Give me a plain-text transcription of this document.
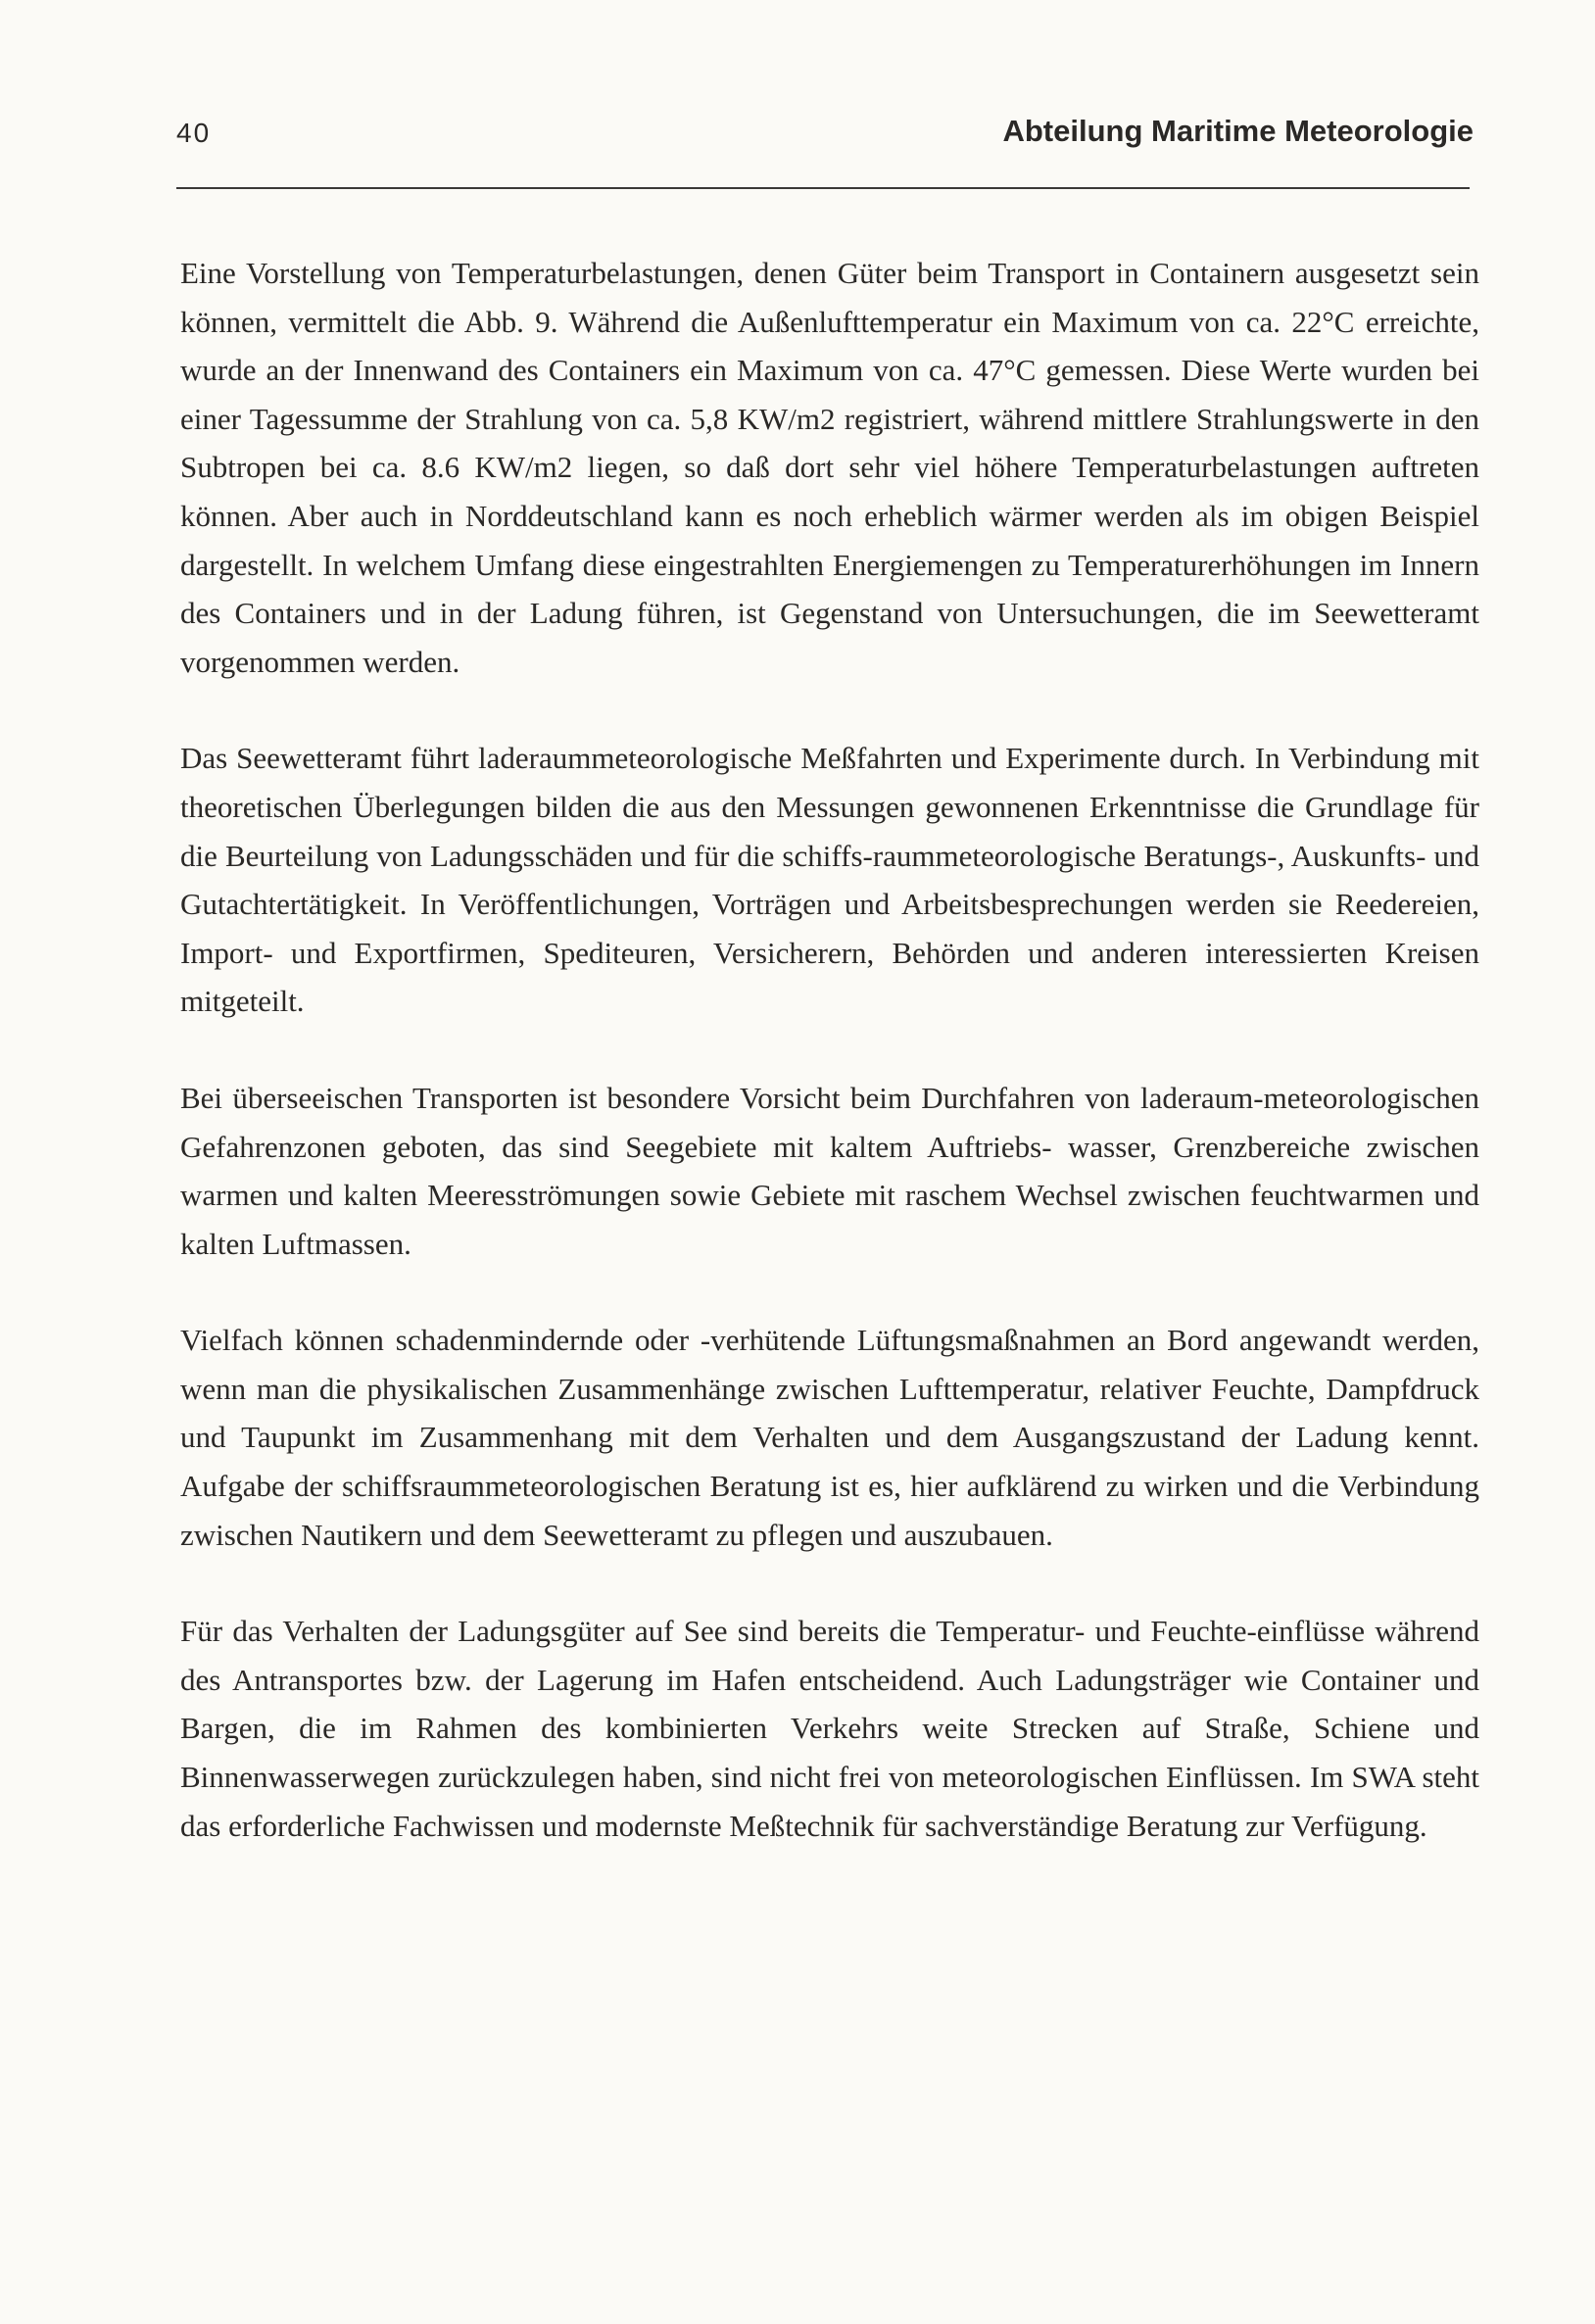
40	Abteilung Maritime Meteorologie

Eine Vorstellung von Temperaturbelastungen, denen Güter beim Transport in Containern ausgesetzt sein können, vermittelt die Abb. 9. Während die Außenlufttemperatur ein Maximum von ca. 22°C erreichte, wurde an der Innenwand des Containers ein Maximum von ca. 47°C gemessen. Diese Werte wurden bei einer Tagessumme der Strahlung von ca. 5,8 KW/m2 registriert, während mittlere Strahlungswerte in den Subtropen bei ca. 8.6 KW/m2 liegen, so daß dort sehr viel höhere Temperaturbelastungen auftreten können. Aber auch in Norddeutschland kann es noch erheblich wärmer werden als im obigen Beispiel dargestellt. In welchem Umfang diese eingestrahlten Energiemengen zu Temperaturerhöhungen im Innern des Containers und in der Ladung führen, ist Gegenstand von Untersuchungen, die im Seewetteramt vorgenommen werden.

Das Seewetteramt führt laderaummeteorologische Meßfahrten und Experimente durch. In Verbindung mit theoretischen Überlegungen bilden die aus den Messungen gewonnenen Erkenntnisse die Grundlage für die Beurteilung von Ladungsschäden und für die schiffs-raummeteorologische Beratungs-, Auskunfts- und Gutachtertätigkeit. In Veröffentlichungen, Vorträgen und Arbeitsbesprechungen werden sie Reedereien, Import- und Exportfirmen, Spediteuren, Versicherern, Behörden und anderen interessierten Kreisen mitgeteilt.

Bei überseeischen Transporten ist besondere Vorsicht beim Durchfahren von laderaum-meteorologischen Gefahrenzonen geboten, das sind Seegebiete mit kaltem Auftriebs- wasser, Grenzbereiche zwischen warmen und kalten Meeresströmungen sowie Gebiete mit raschem Wechsel zwischen feuchtwarmen und kalten Luftmassen.

Vielfach können schadenmindernde oder -verhütende Lüftungsmaßnahmen an Bord angewandt werden, wenn man die physikalischen Zusammenhänge zwischen Lufttemperatur, relativer Feuchte, Dampfdruck und Taupunkt im Zusammenhang mit dem Verhalten und dem Ausgangszustand der Ladung kennt. Aufgabe der schiffsraummeteorologischen Beratung ist es, hier aufklärend zu wirken und die Verbindung zwischen Nautikern und dem Seewetteramt zu pflegen und auszubauen.

Für das Verhalten der Ladungsgüter auf See sind bereits die Temperatur- und Feuchte-einflüsse während des Antransportes bzw. der Lagerung im Hafen entscheidend. Auch Ladungsträger wie Container und Bargen, die im Rahmen des kombinierten Verkehrs weite Strecken auf Straße, Schiene und Binnenwasserwegen zurückzulegen haben, sind nicht frei von meteorologischen Einflüssen. Im SWA steht das erforderliche Fachwissen und modernste Meßtechnik für sachverständige Beratung zur Verfügung.
